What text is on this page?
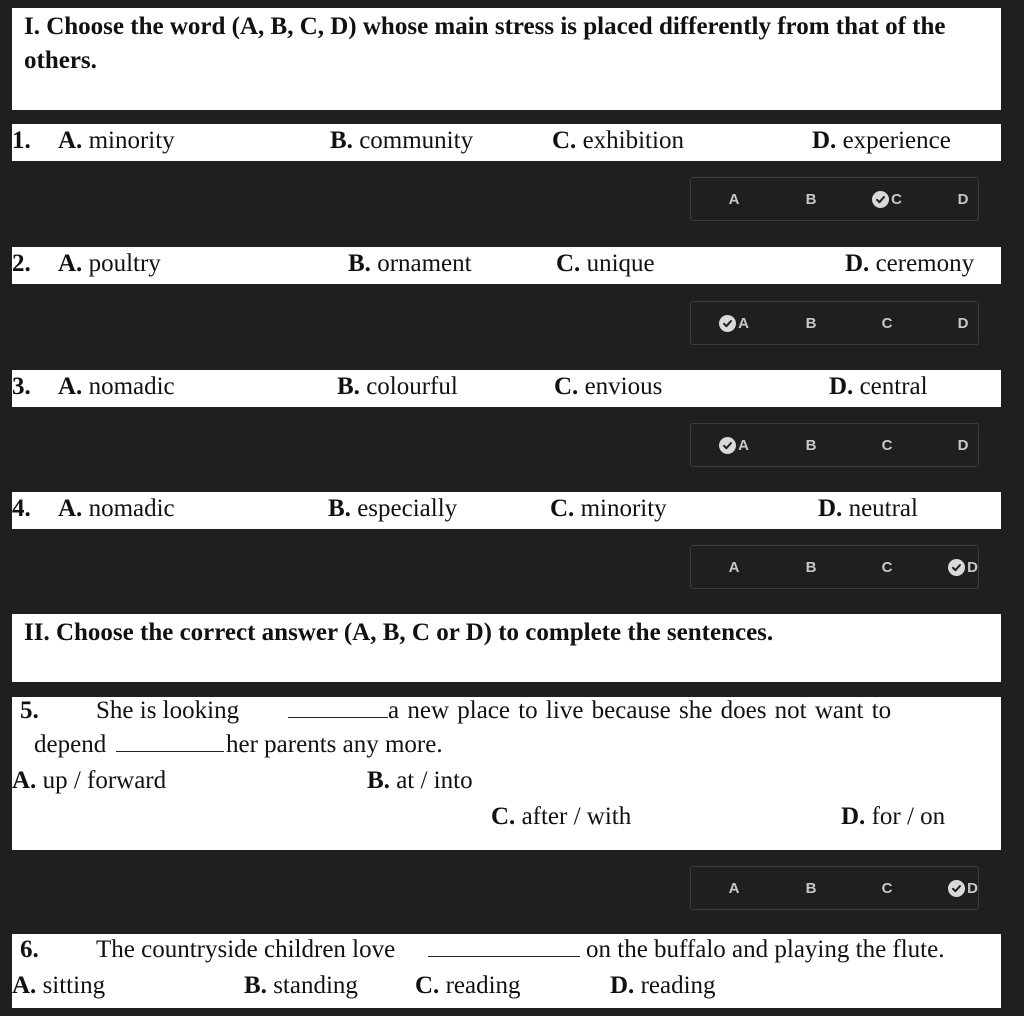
I. Choose the word (A, B, C, D) whose main stress is placed differently from that of the others.
1. A. minority	B. community	C. exhibition	D. experience
A	B	C	D
2. A. poultry	B. ornament	C. unique	D. ceremony
A	B	C	D
3. A. nomadic	B. colourful	C. envious	D. central
A	B	C	D
4. A. nomadic	B. especially	C. minority	D. neutral
A	B	C	D
II. Choose the correct answer (A, B, C or D) to complete the sentences.
5. She is looking	a new place to live because she does not want to
depend	her parents any more.
A. up / forward	B. at / into
C. after / with	D. for / on
A	B	C	D
6. The countryside children love	on the buffalo and playing the flute.
A. sitting	B. standing C. reading	D. reading
